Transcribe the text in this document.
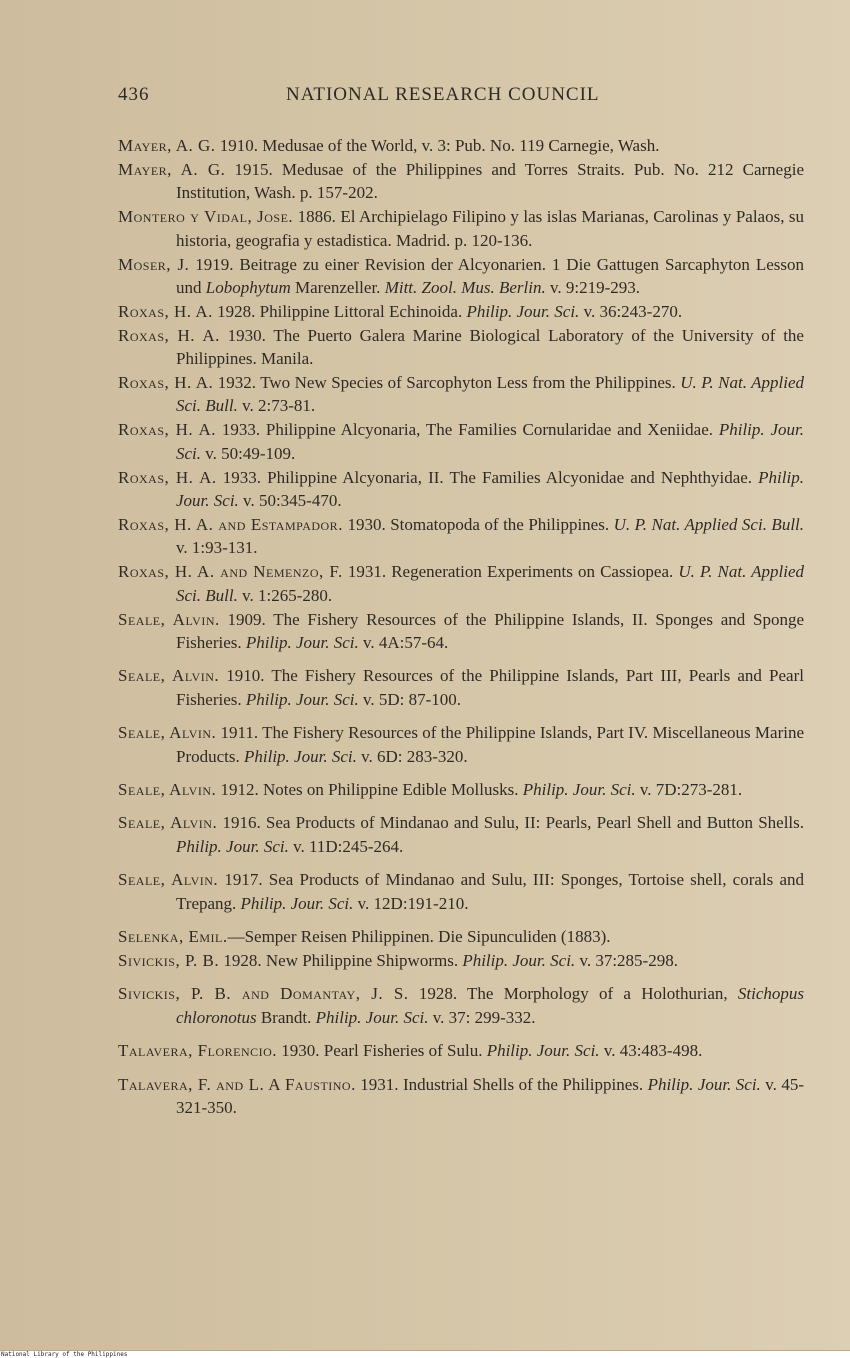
436	NATIONAL RESEARCH COUNCIL

Mayer, A. G. 1910. Medusae of the World, v. 3: Pub. No. 119 Carnegie, Wash.

Mayer, A. G. 1915. Medusae of the Philippines and Torres Straits. Pub. No. 212 Carnegie Institution, Wash. p. 157-202.

Montero y Vidal, Jose. 1886. El Archipielago Filipino y las islas Marianas, Carolinas y Palaos, su historia, geografia y estadistica. Madrid. p. 120-136.

Moser, J. 1919. Beitrage zu einer Revision der Alcyonarien. 1 Die Gattugen Sarcaphyton Lesson und Lobophytum Marenzeller. Mitt. Zool. Mus. Berlin. v. 9:219-293.

Roxas, H. A. 1928. Philippine Littoral Echinoida. Philip. Jour. Sci. v. 36:243-270.

Roxas, H. A. 1930. The Puerto Galera Marine Biological Laboratory of the University of the Philippines. Manila.

Roxas, H. A. 1932. Two New Species of Sarcophyton Less from the Philippines. U. P. Nat. Applied Sci. Bull. v. 2:73-81.

Roxas, H. A. 1933. Philippine Alcyonaria, The Families Cornularidae and Xeniidae. Philip. Jour. Sci. v. 50:49-109.

Roxas, H. A. 1933. Philippine Alcyonaria, II. The Families Alcyonidae and Nephthyidae. Philip. Jour. Sci. v. 50:345-470.

Roxas, H. A. and Estampador. 1930. Stomatopoda of the Philippines. U. P. Nat. Applied Sci. Bull. v. 1:93-131.

Roxas, H. A. and Nemenzo, F. 1931. Regeneration Experiments on Cassiopea. U. P. Nat. Applied Sci. Bull. v. 1:265-280.

Seale, Alvin. 1909. The Fishery Resources of the Philippine Islands, II. Sponges and Sponge Fisheries. Philip. Jour. Sci. v. 4A:57-64.

Seale, Alvin. 1910. The Fishery Resources of the Philippine Islands, Part III, Pearls and Pearl Fisheries. Philip. Jour. Sci. v. 5D: 87-100.

Seale, Alvin. 1911. The Fishery Resources of the Philippine Islands, Part IV. Miscellaneous Marine Products. Philip. Jour. Sci. v. 6D: 283-320.

Seale, Alvin. 1912. Notes on Philippine Edible Mollusks. Philip. Jour. Sci. v. 7D:273-281.

Seale, Alvin. 1916. Sea Products of Mindanao and Sulu, II: Pearls, Pearl Shell and Button Shells. Philip. Jour. Sci. v. 11D:245-264.

Seale, Alvin. 1917. Sea Products of Mindanao and Sulu, III: Sponges, Tortoise shell, corals and Trepang. Philip. Jour. Sci. v. 12D:191-210.

Selenka, Emil.—Semper Reisen Philippinen. Die Sipunculiden (1883).

Sivickis, P. B. 1928. New Philippine Shipworms. Philip. Jour. Sci. v. 37:285-298.

Sivickis, P. B. and Domantay, J. S. 1928. The Morphology of a Holothurian, Stichopus chloronotus Brandt. Philip. Jour. Sci. v. 37: 299-332.

Talavera, Florencio. 1930. Pearl Fisheries of Sulu. Philip. Jour. Sci. v. 43:483-498.

Talavera, F. and L. A Faustino. 1931. Industrial Shells of the Philippines. Philip. Jour. Sci. v. 45-321-350.

National Library of the Philippines
